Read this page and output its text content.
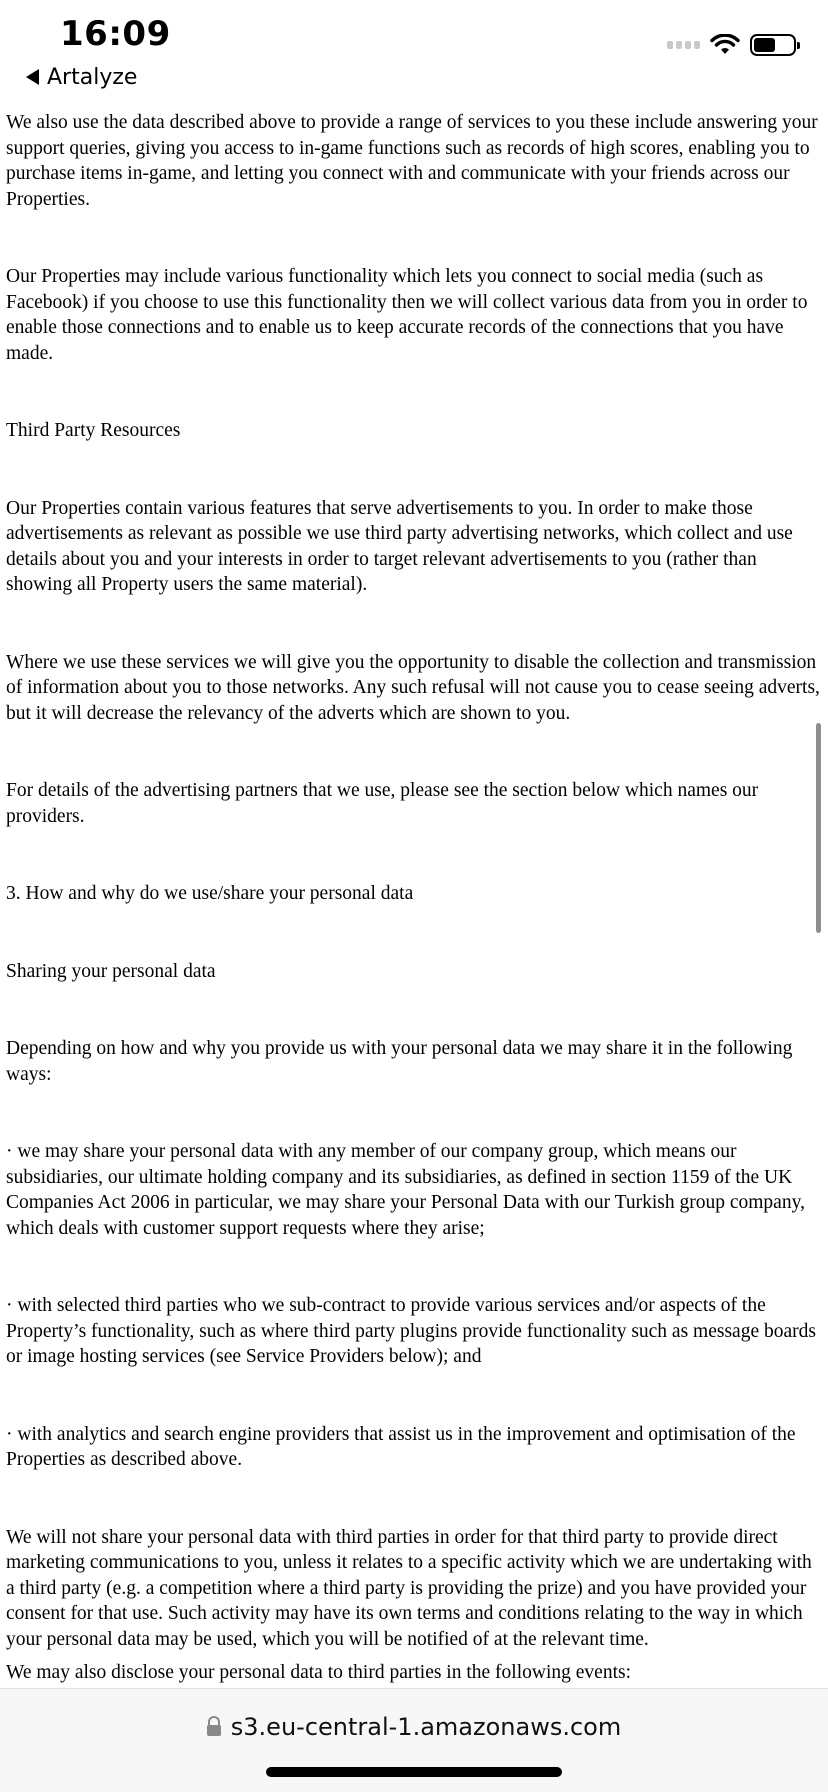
16:09
Artalyze

We also use the data described above to provide a range of services to you these include answering your support queries, giving you access to in-game functions such as records of high scores, enabling you to purchase items in-game, and letting you connect with and communicate with your friends across our Properties.

Our Properties may include various functionality which lets you connect to social media (such as Facebook) if you choose to use this functionality then we will collect various data from you in order to enable those connections and to enable us to keep accurate records of the connections that you have made.

Third Party Resources

Our Properties contain various features that serve advertisements to you. In order to make those advertisements as relevant as possible we use third party advertising networks, which collect and use details about you and your interests in order to target relevant advertisements to you (rather than showing all Property users the same material).

Where we use these services we will give you the opportunity to disable the collection and transmission of information about you to those networks. Any such refusal will not cause you to cease seeing adverts, but it will decrease the relevancy of the adverts which are shown to you.

For details of the advertising partners that we use, please see the section below which names our providers.

3. How and why do we use/share your personal data

Sharing your personal data

Depending on how and why you provide us with your personal data we may share it in the following ways:

· we may share your personal data with any member of our company group, which means our subsidiaries, our ultimate holding company and its subsidiaries, as defined in section 1159 of the UK Companies Act 2006 in particular, we may share your Personal Data with our Turkish group company, which deals with customer support requests where they arise;

· with selected third parties who we sub-contract to provide various services and/or aspects of the Property’s functionality, such as where third party plugins provide functionality such as message boards or image hosting services (see Service Providers below); and

· with analytics and search engine providers that assist us in the improvement and optimisation of the Properties as described above.

We will not share your personal data with third parties in order for that third party to provide direct marketing communications to you, unless it relates to a specific activity which we are undertaking with a third party (e.g. a competition where a third party is providing the prize) and you have provided your consent for that use. Such activity may have its own terms and conditions relating to the way in which your personal data may be used, which you will be notified of at the relevant time.

We may also disclose your personal data to third parties in the following events:

s3.eu-central-1.amazonaws.com
